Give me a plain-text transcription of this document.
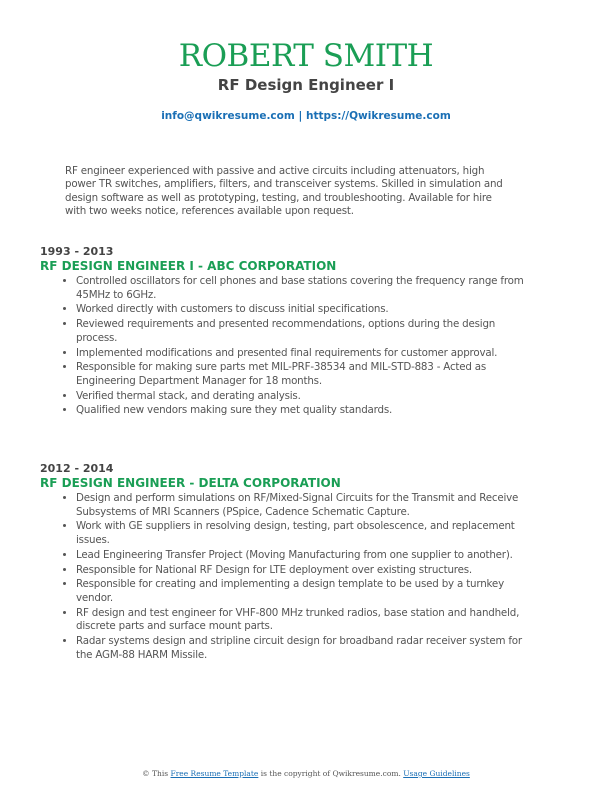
ROBERT SMITH
RF Design Engineer I
info@qwikresume.com | https://Qwikresume.com
RF engineer experienced with passive and active circuits including attenuators, high power TR switches, amplifiers, filters, and transceiver systems. Skilled in simulation and design software as well as prototyping, testing, and troubleshooting. Available for hire with two weeks notice, references available upon request.
1993 - 2013
RF DESIGN ENGINEER I - ABC CORPORATION
• Controlled oscillators for cell phones and base stations covering the frequency range from 45MHz to 6GHz.
• Worked directly with customers to discuss initial specifications.
• Reviewed requirements and presented recommendations, options during the design process.
• Implemented modifications and presented final requirements for customer approval.
• Responsible for making sure parts met MIL-PRF-38534 and MIL-STD-883 - Acted as Engineering Department Manager for 18 months.
• Verified thermal stack, and derating analysis.
• Qualified new vendors making sure they met quality standards.
2012 - 2014
RF DESIGN ENGINEER - DELTA CORPORATION
• Design and perform simulations on RF/Mixed-Signal Circuits for the Transmit and Receive Subsystems of MRI Scanners (PSpice, Cadence Schematic Capture.
• Work with GE suppliers in resolving design, testing, part obsolescence, and replacement issues.
• Lead Engineering Transfer Project (Moving Manufacturing from one supplier to another).
• Responsible for National RF Design for LTE deployment over existing structures.
• Responsible for creating and implementing a design template to be used by a turnkey vendor.
• RF design and test engineer for VHF-800 MHz trunked radios, base station and handheld, discrete parts and surface mount parts.
• Radar systems design and stripline circuit design for broadband radar receiver system for the AGM-88 HARM Missile.
© This Free Resume Template is the copyright of Qwikresume.com. Usage Guidelines
